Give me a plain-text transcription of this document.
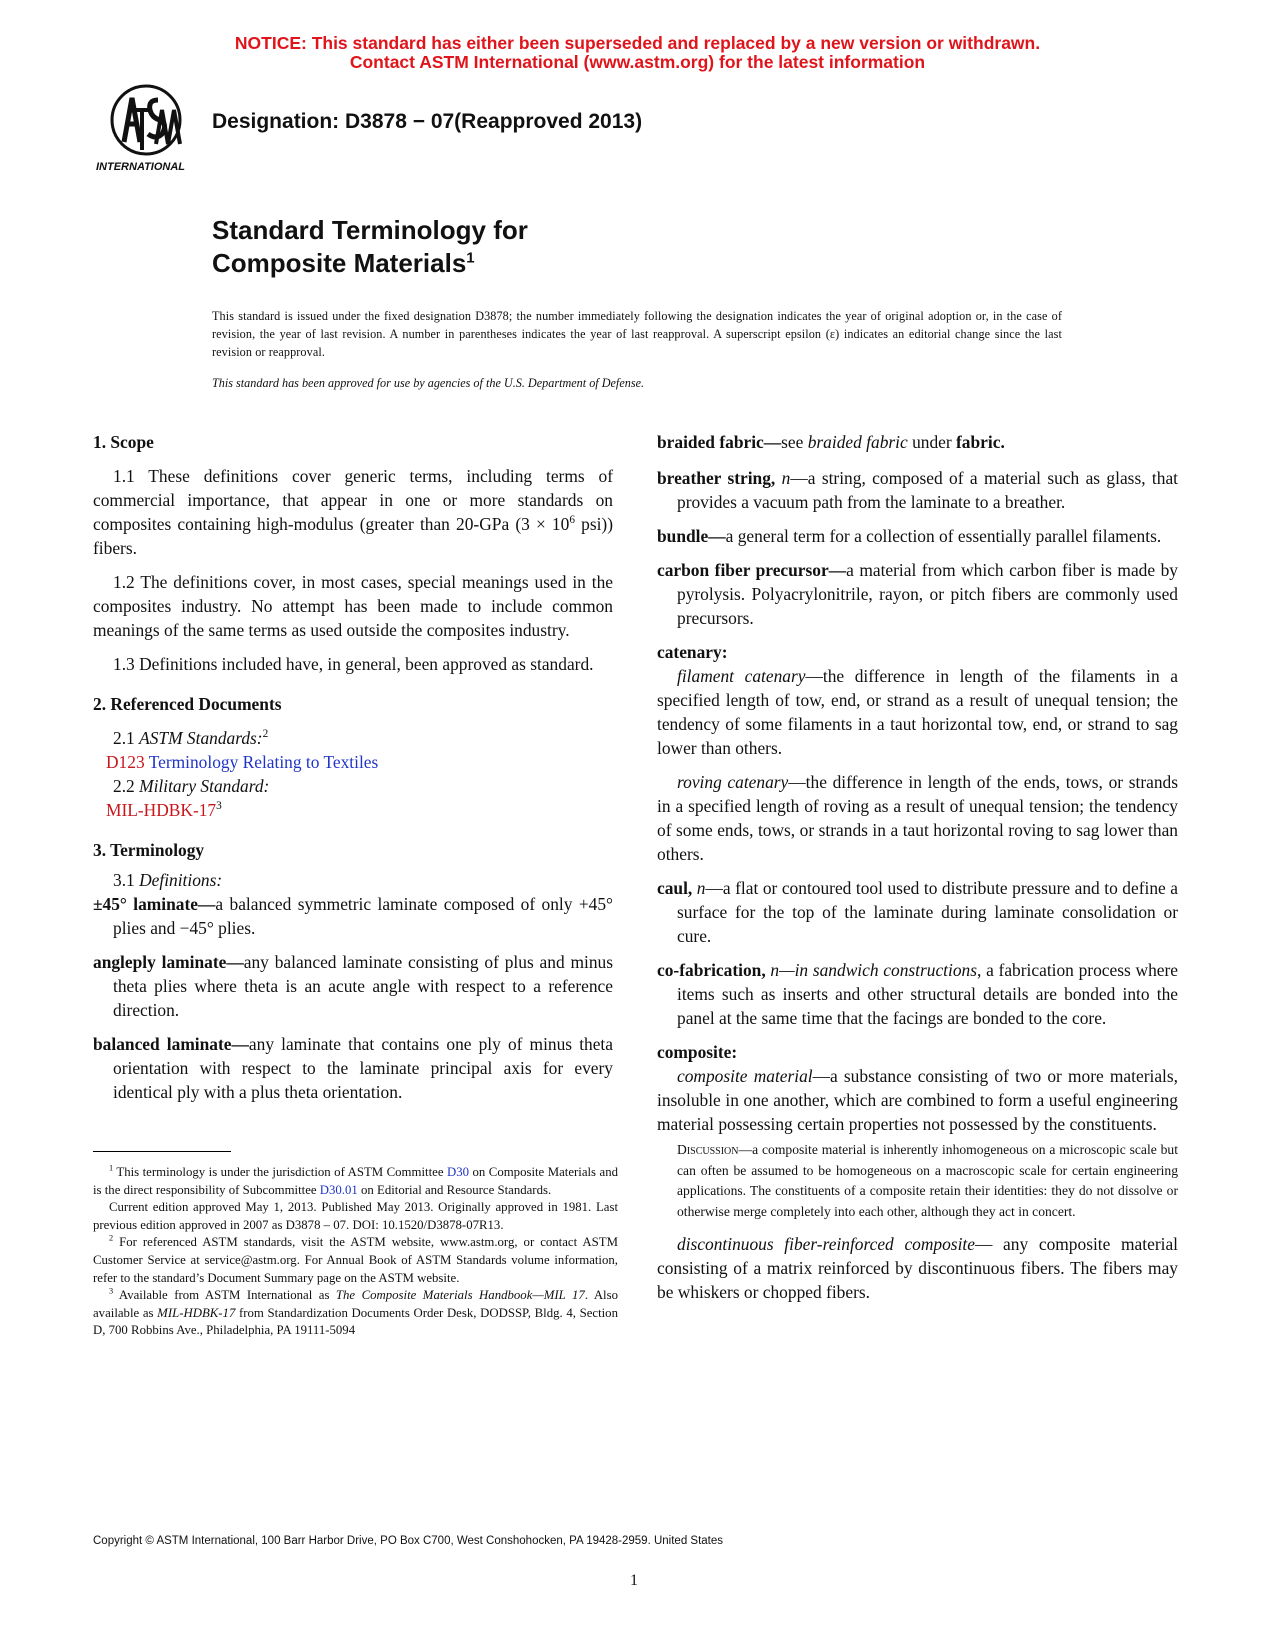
NOTICE: This standard has either been superseded and replaced by a new version or withdrawn.
Contact ASTM International (www.astm.org) for the latest information
INTERNATIONAL
Designation: D3878 − 07(Reapproved 2013)
Standard Terminology for
Composite Materials$^1$
This standard is issued under the fixed designation D3878; the number immediately following the designation indicates the year of original adoption or, in the case of revision, the year of last revision. A number in parentheses indicates the year of last reapproval. A superscript epsilon (ε) indicates an editorial change since the last revision or reapproval.
This standard has been approved for use by agencies of the U.S. Department of Defense.

1. Scope

1.1 These definitions cover generic terms, including terms of commercial importance, that appear in one or more standards on composites containing high-modulus (greater than 20-GPa ($3 \times 10^6$ psi)) fibers.

1.2 The definitions cover, in most cases, special meanings used in the composites industry. No attempt has been made to include common meanings of the same terms as used outside the composites industry.

1.3 Definitions included have, in general, been approved as standard.

2. Referenced Documents

2.1 ASTM Standards:$^2$
D123 Terminology Relating to Textiles
2.2 Military Standard:
MIL-$HDBK-17^3$

3. Terminology

3.1 Definitions:

±45° laminate—a balanced symmetric laminate composed of only +45° plies and −45° plies.

angleply laminate—any balanced laminate consisting of plus and minus theta plies where theta is an acute angle with respect to a reference direction.

balanced laminate—any laminate that contains one ply of minus theta orientation with respect to the laminate principal axis for every identical ply with a plus theta orientation.

braided fabric—see braided fabric under fabric.

breather string, n—a string, composed of a material such as glass, that provides a vacuum path from the laminate to a breather.

bundle—a general term for a collection of essentially parallel filaments.

carbon fiber precursor—a material from which carbon fiber is made by pyrolysis. Polyacrylonitrile, rayon, or pitch fibers are commonly used precursors.

catenary:

filament catenary—the difference in length of the filaments in a specified length of tow, end, or strand as a result of unequal tension; the tendency of some filaments in a taut horizontal tow, end, or strand to sag lower than others.

roving catenary—the difference in length of the ends, tows, or strands in a specified length of roving as a result of unequal tension; the tendency of some ends, tows, or strands in a taut horizontal roving to sag lower than others.

caul, n—a flat or contoured tool used to distribute pressure and to define a surface for the top of the laminate during laminate consolidation or cure.

co-fabrication, n—in sandwich constructions, a fabrication process where items such as inserts and other structural details are bonded into the panel at the same time that the facings are bonded to the core.

composite:

composite material—a substance consisting of two or more materials, insoluble in one another, which are combined to form a useful engineering material possessing certain properties not possessed by the constituents.

Discussion—a composite material is inherently inhomogeneous on a microscopic scale but can often be assumed to be homogeneous on a macroscopic scale for certain engineering applications. The constituents of a composite retain their identities: they do not dissolve or otherwise merge completely into each other, although they act in concert.

discontinuous fiber-reinforced composite— any composite material consisting of a matrix reinforced by discontinuous fibers. The fibers may be whiskers or chopped fibers.

$^1$ This terminology is under the jurisdiction of ASTM Committee D30 on Composite Materials and is the direct responsibility of Subcommittee D30.01 on Editorial and Resource Standards.

Current edition approved May 1, 2013. Published May 2013. Originally approved in 1981. Last previous edition approved in 2007 as D3878 – 07. DOI: 10.1520/D3878-07R13.

$^2$ For referenced ASTM standards, visit the ASTM website, www.astm.org, or contact ASTM Customer Service at service@astm.org. For Annual Book of ASTM Standards volume information, refer to the standard’s Document Summary page on the ASTM website.

$^3$ Available from ASTM International as The Composite Materials Handbook—MIL 17. Also available as MIL-HDBK-17 from Standardization Documents Order Desk, DODSSP, Bldg. 4, Section D, 700 Robbins Ave., Philadelphia, PA 19111-5094

Copyright © ASTM International, 100 Barr Harbor Drive, PO Box C700, West Conshohocken, PA 19428-2959. United States
1
